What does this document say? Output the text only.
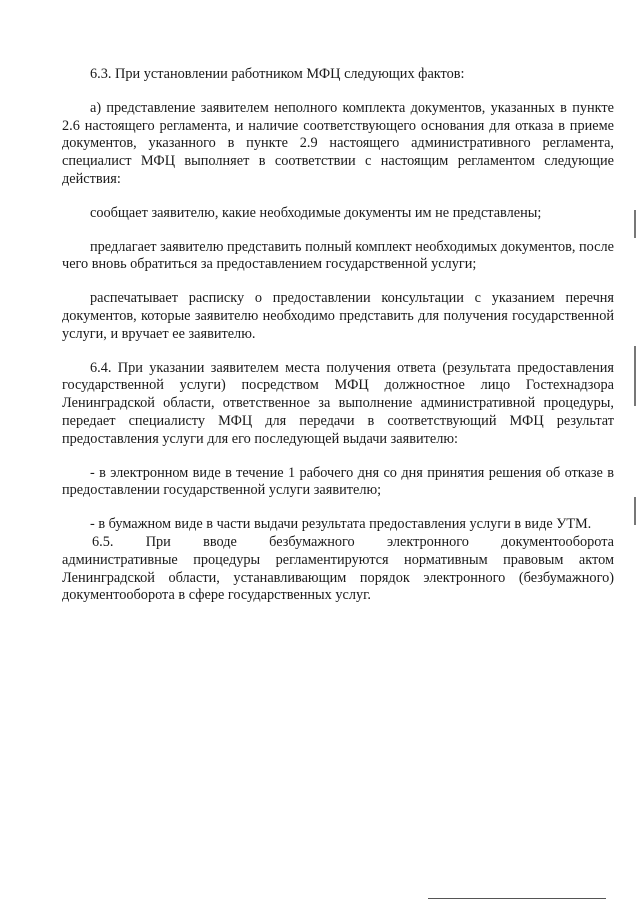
6.3. При установлении работником МФЦ следующих фактов:

а) представление заявителем неполного комплекта документов, указанных в пункте 2.6 настоящего регламента, и наличие соответствующего основания для отказа в приеме документов, указанного в пункте 2.9 настоящего административного регламента, специалист МФЦ выполняет в соответствии с настоящим регламентом следующие действия:

сообщает заявителю, какие необходимые документы им не представлены;

предлагает заявителю представить полный комплект необходимых документов, после чего вновь обратиться за предоставлением государственной услуги;

распечатывает расписку о предоставлении консультации с указанием перечня документов, которые заявителю необходимо представить для получения государственной услуги, и вручает ее заявителю.

6.4. При указании заявителем места получения ответа (результата предоставления государственной услуги) посредством МФЦ должностное лицо Гостехнадзора Ленинградской области, ответственное за выполнение административной процедуры, передает специалисту МФЦ для передачи в соответствующий МФЦ результат предоставления услуги для его последующей выдачи заявителю:

- в электронном виде в течение 1 рабочего дня со дня принятия решения об отказе в предоставлении государственной услуги заявителю;

- в бумажном виде в части выдачи результата предоставления услуги в виде УТМ.

6.5. При вводе безбумажного электронного документооборота
административные процедуры регламентируются нормативным правовым актом Ленинградской области, устанавливающим порядок электронного (безбумажного) документооборота в сфере государственных услуг.
